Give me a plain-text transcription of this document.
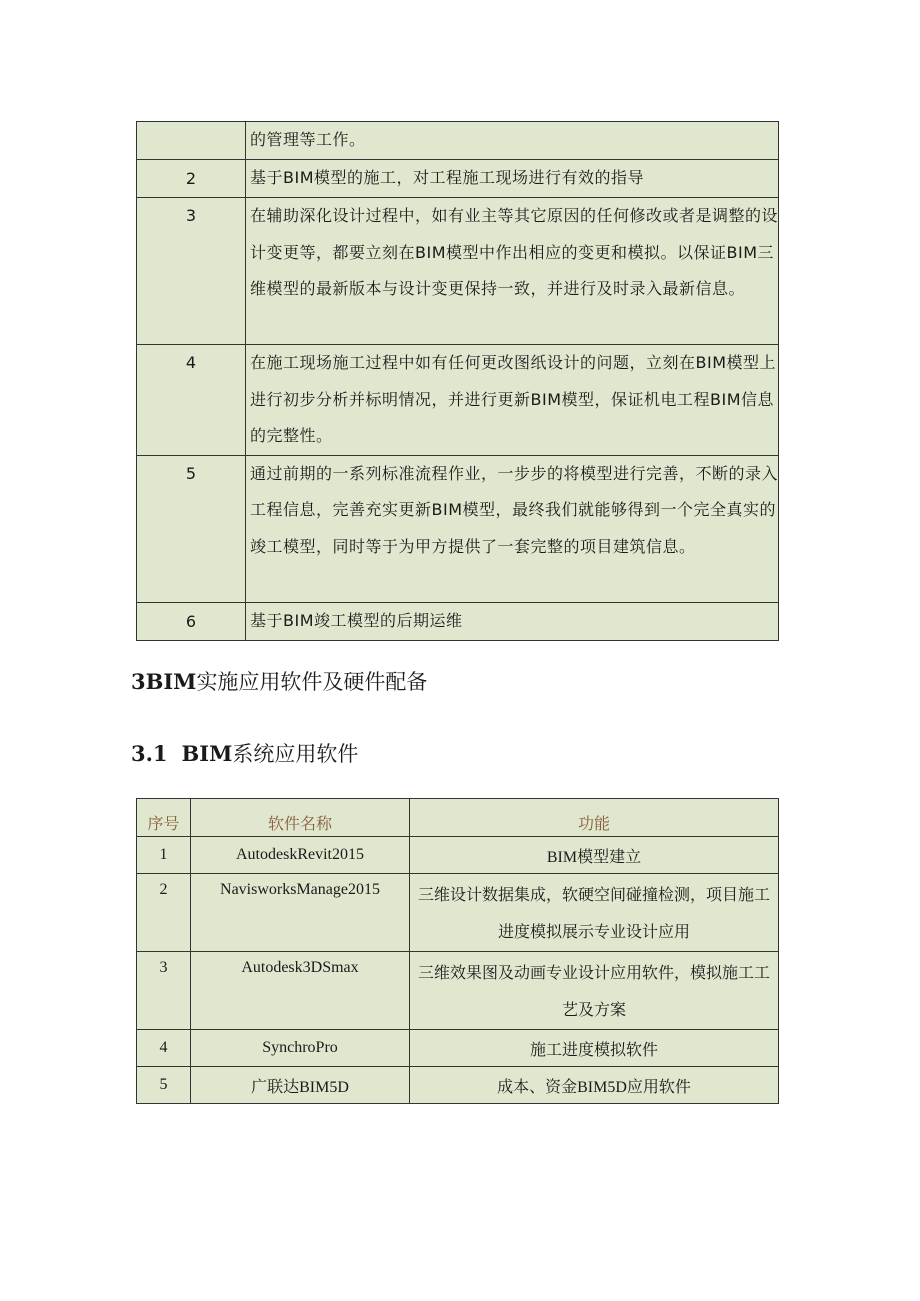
	的管理等工作。

2	基于BIM模型的施工，对工程施工现场进行有效的指导

3	在辅助深化设计过程中，如有业主等其它原因的任何修改或者是调整的设计变更等，都要立刻在BIM模型中作出相应的变更和模拟。以保证BIM三维模型的最新版本与设计变更保持一致，并进行及时录入最新信息。

4	在施工现场施工过程中如有任何更改图纸设计的问题，立刻在BIM模型上进行初步分析并标明情况，并进行更新BIM模型，保证机电工程BIM信息的完整性。

5	通过前期的一系列标准流程作业，一步步的将模型进行完善，不断的录入工程信息，完善充实更新BIM模型，最终我们就能够得到一个完全真实的竣工模型，同时等于为甲方提供了一套完整的项目建筑信息。

6	基于BIM竣工模型的后期运维
3BIM实施应用软件及硬件配备
3.1 BIM系统应用软件
序号	软件名称	功能

1	AutodeskRevit2015	BIM模型建立

2	NavisworksManage2015	三维设计数据集成，软硬空间碰撞检测，项目施工进度模拟展示专业设计应用

3	Autodesk3DSmax	三维效果图及动画专业设计应用软件，模拟施工工艺及方案

4	SynchroPro	施工进度模拟软件
5	广联达BIM5D	成本、资金BIM5D应用软件
